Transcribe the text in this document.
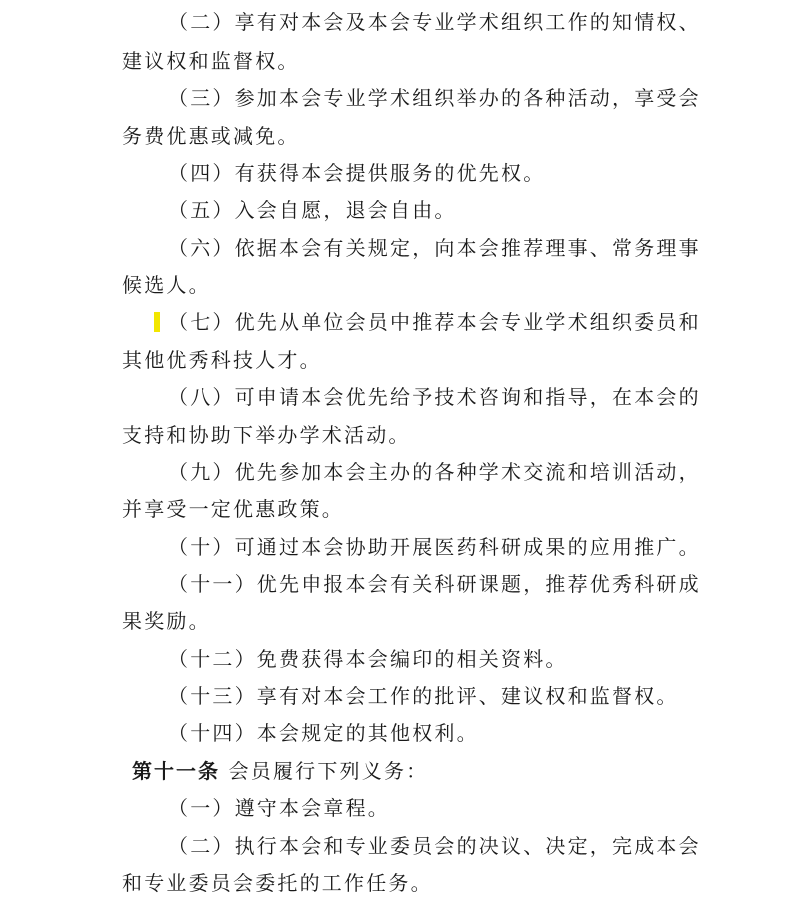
（二）享有对本会及本会专业学术组织工作的知情权、
建议权和监督权。
（三）参加本会专业学术组织举办的各种活动，享受会
务费优惠或减免。
（四）有获得本会提供服务的优先权。
（五）入会自愿，退会自由。
（六）依据本会有关规定，向本会推荐理事、常务理事
候选人。
（七）优先从单位会员中推荐本会专业学术组织委员和
其他优秀科技人才。
（八）可申请本会优先给予技术咨询和指导，在本会的
支持和协助下举办学术活动。
（九）优先参加本会主办的各种学术交流和培训活动，
并享受一定优惠政策。
（十）可通过本会协助开展医药科研成果的应用推广。
（十一）优先申报本会有关科研课题，推荐优秀科研成
果奖励。
（十二）免费获得本会编印的相关资料。
（十三）享有对本会工作的批评、建议权和监督权。
（十四）本会规定的其他权利。
第十一条 会员履行下列义务：
（一）遵守本会章程。
（二）执行本会和专业委员会的决议、决定，完成本会
和专业委员会委托的工作任务。
